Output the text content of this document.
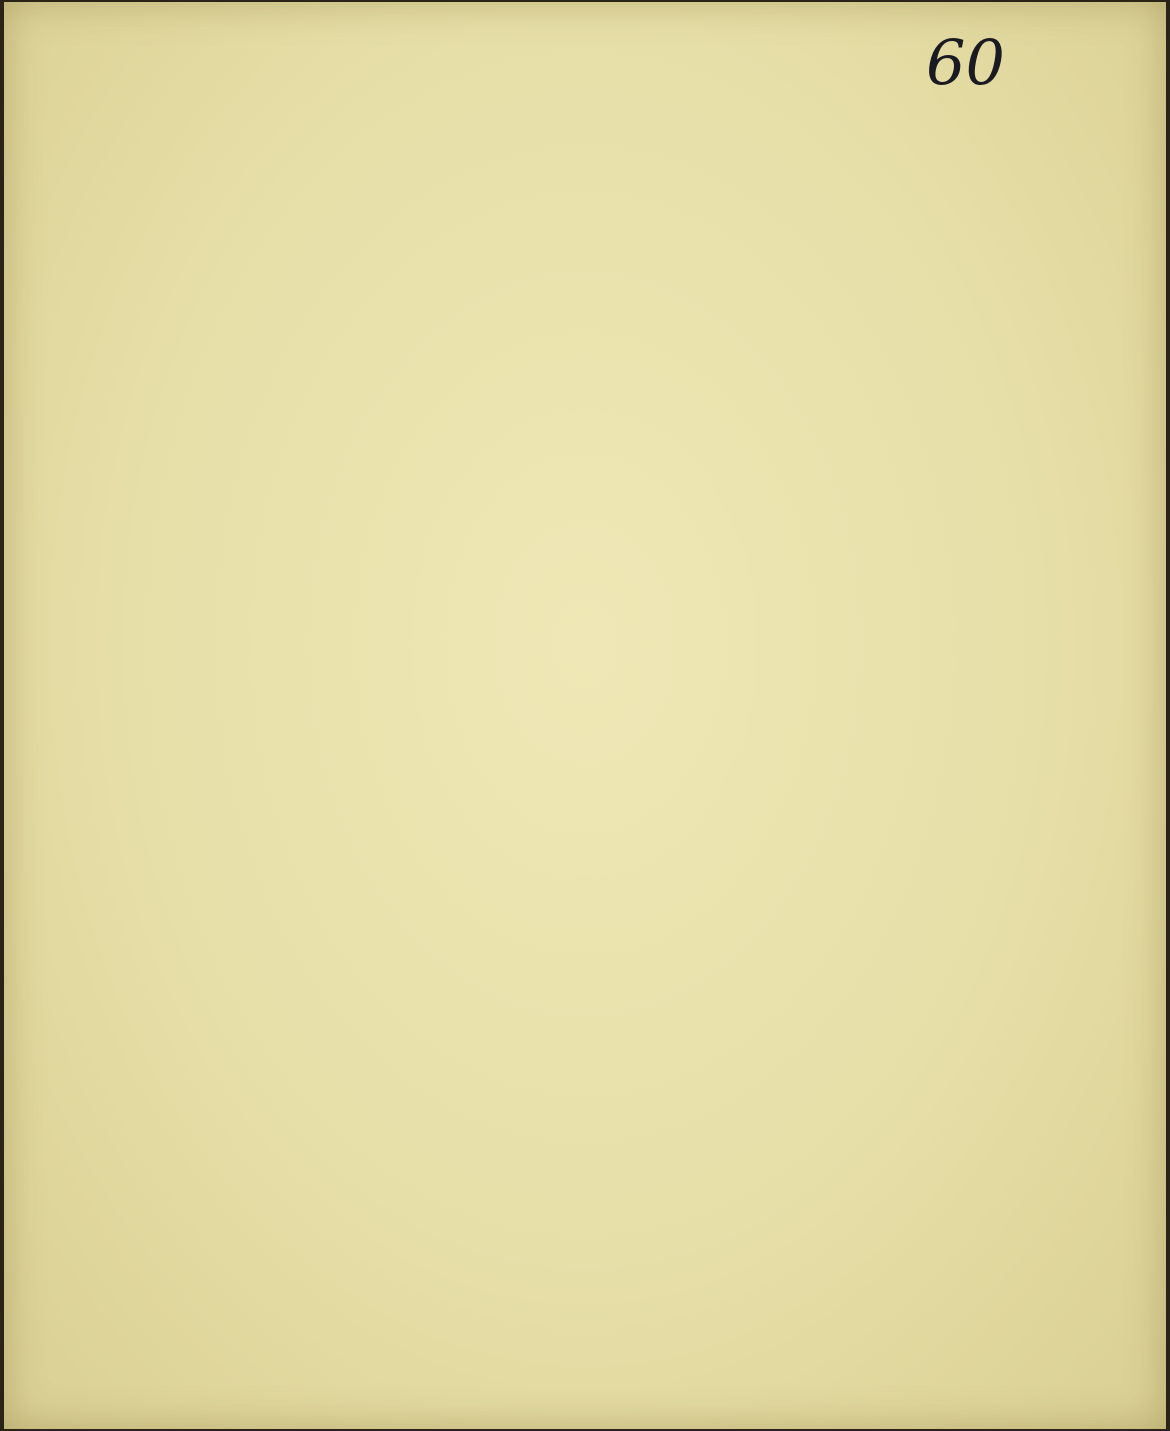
60
